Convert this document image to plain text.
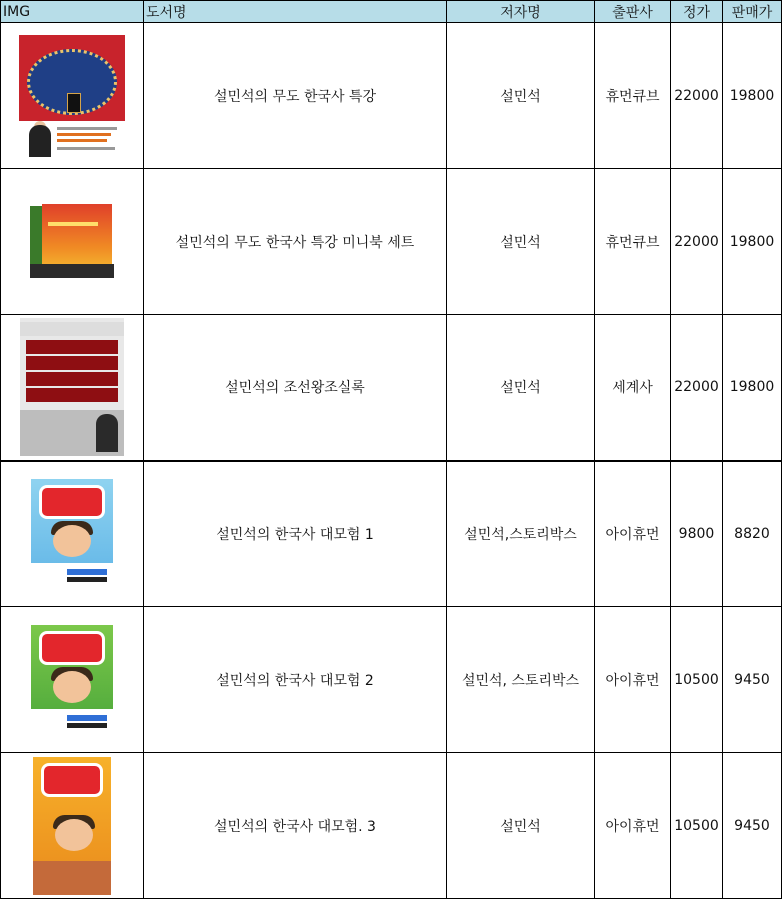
IMG	도서명	저자명	출판사	정가	판매가

	설민석의 무도 한국사 특강	설민석	휴먼큐브	22000	19800

	설민석의 무도 한국사 특강 미니북 세트	설민석	휴먼큐브	22000	19800

	설민석의 조선왕조실록	설민석	세계사	22000	19800

	설민석의 한국사 대모험 1	설민석,스토리박스	아이휴먼	9800	8820

	설민석의 한국사 대모험 2	설민석, 스토리박스	아이휴먼	10500	9450

	설민석의 한국사 대모험. 3	설민석	아이휴먼	10500	9450
